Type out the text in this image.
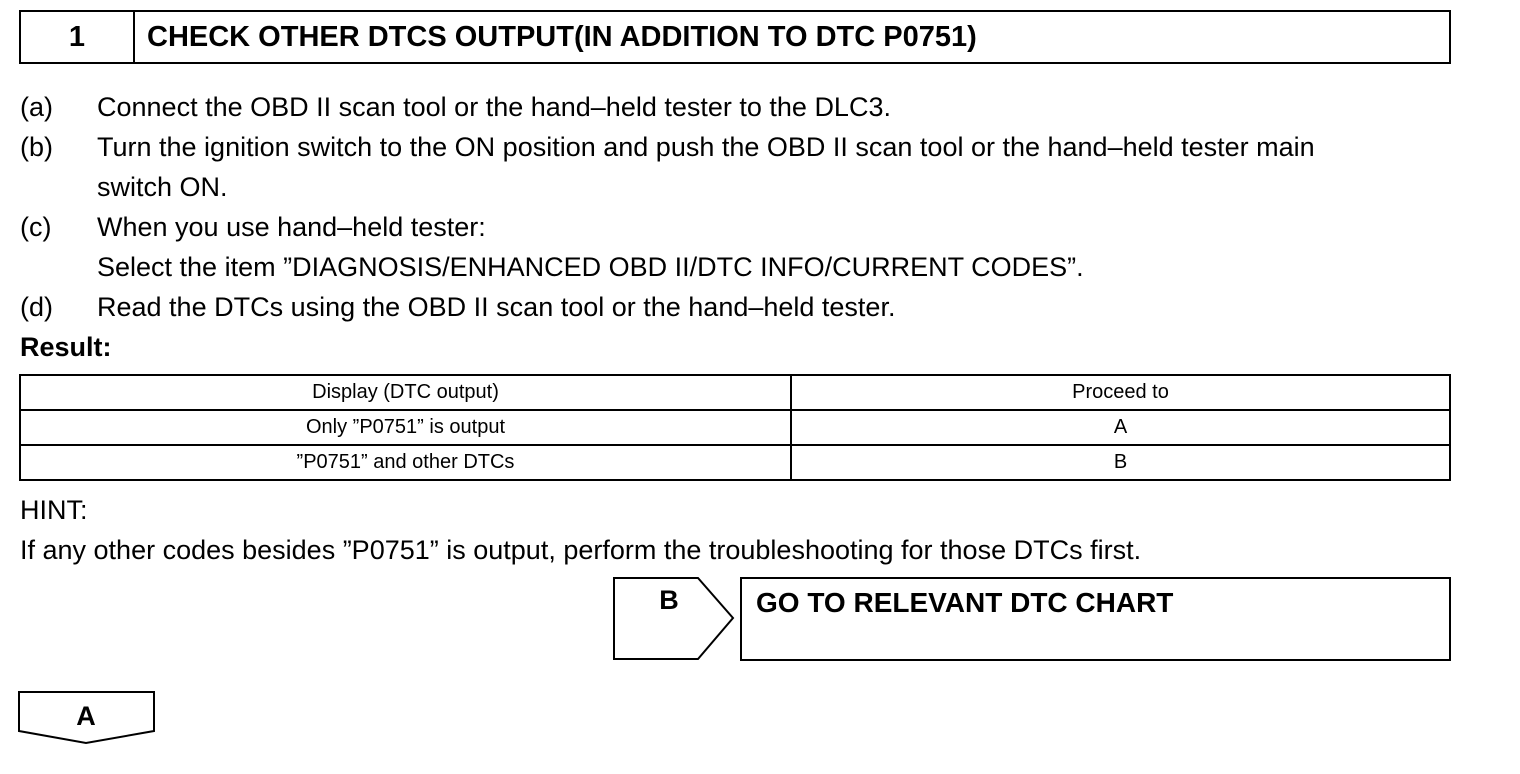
1	CHECK OTHER DTCS OUTPUT(IN ADDITION TO DTC P0751)
(a) Connect the OBD II scan tool or the hand–held tester to the DLC3.
(b) Turn the ignition switch to the ON position and push the OBD II scan tool or the hand–held tester main
switch ON.
(c) When you use hand–held tester:
Select the item ”DIAGNOSIS/ENHANCED OBD II/DTC INFO/CURRENT CODES”.
(d) Read the DTCs using the OBD II scan tool or the hand–held tester.
Result:
Display (DTC output)	Proceed to
Only ”P0751” is output	A
”P0751” and other DTCs	B
HINT:
If any other codes besides ”P0751” is output, perform the troubleshooting for those DTCs first.
B	GO TO RELEVANT DTC CHART
A
